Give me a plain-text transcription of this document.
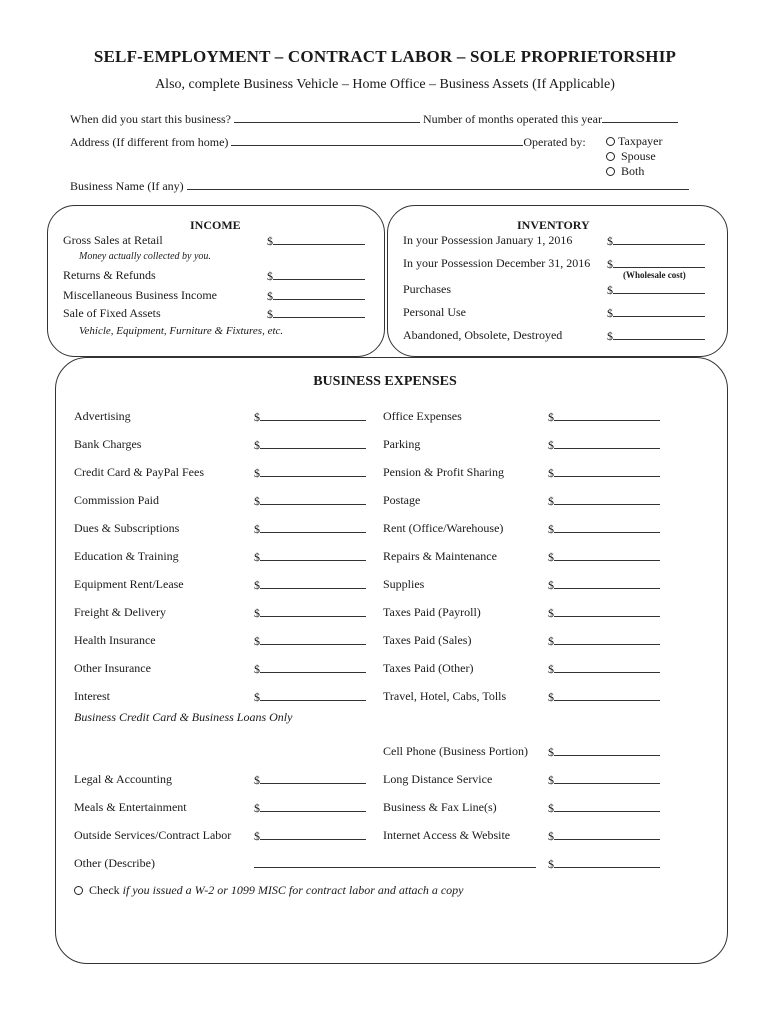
SELF-EMPLOYMENT – CONTRACT LABOR – SOLE PROPRIETORSHIP
Also, complete Business Vehicle – Home Office – Business Assets (If Applicable)
When did you start this business?	Number of months operated this year
Address (If different from home)	Operated by:	Taxpayer
Spouse
Both
Business Name (If any)
INCOME
Gross Sales at Retail	$
Money actually collected by you.
Returns & Refunds	$
Miscellaneous Business Income	$
Sale of Fixed Assets	$
Vehicle, Equipment, Furniture & Fixtures, etc.
INVENTORY
In your Possession January 1, 2016	$
In your Possession December 31, 2016 $
(Wholesale cost)
Purchases	$
Personal Use	$
Abandoned, Obsolete, Destroyed	$
BUSINESS EXPENSES
Advertising	$	Office Expenses	$
Bank Charges	$	Parking	$
Credit Card & PayPal Fees	$	Pension & Profit Sharing	$
Commission Paid	$	Postage	$
Dues & Subscriptions	$	Rent (Office/Warehouse)	$
Education & Training	$	Repairs & Maintenance	$
Equipment Rent/Lease	$	Supplies	$
Freight & Delivery	$	Taxes Paid (Payroll)	$
Health Insurance	$	Taxes Paid (Sales)	$
Other Insurance	$	Taxes Paid (Other)	$
Interest	$	Travel, Hotel, Cabs, Tolls	$
Business Credit Card & Business Loans Only
Cell Phone (Business Portion) $
Legal & Accounting	$	Long Distance Service	$
Meals & Entertainment	$	Business & Fax Line(s)	$
Outside Services/Contract Labor $	Internet Access & Website	$
Other (Describe)	$
Check if you issued a W-2 or 1099 MISC for contract labor and attach a copy
